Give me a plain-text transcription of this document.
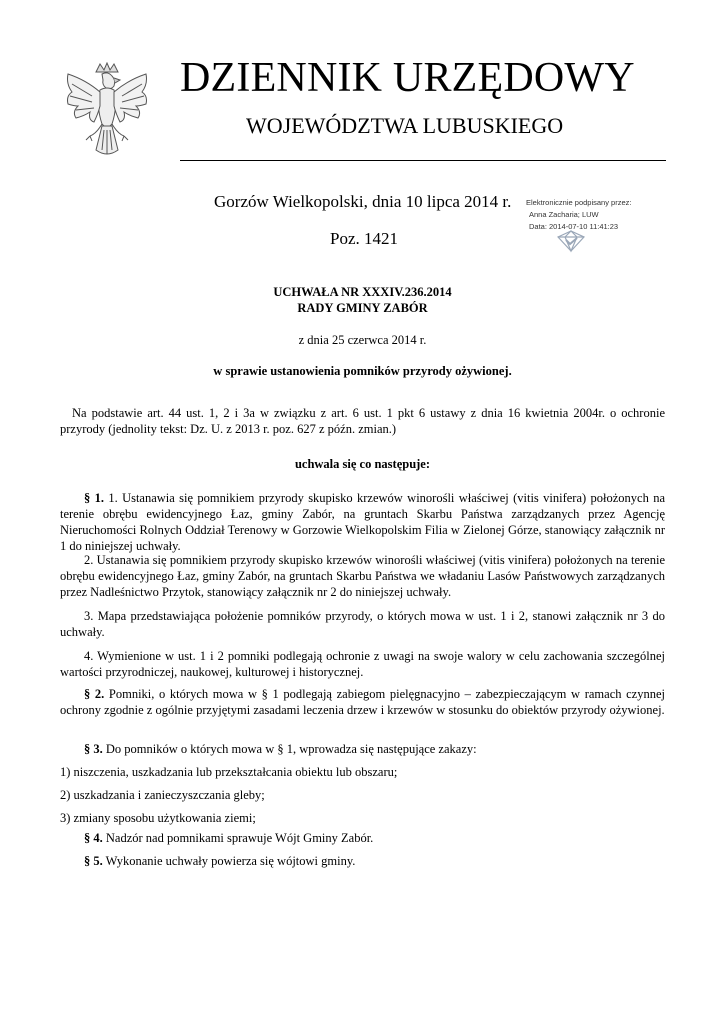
DZIENNIK URZĘDOWY
WOJEWÓDZTWA LUBUSKIEGO
Gorzów Wielkopolski, dnia 10 lipca 2014 r.
Poz. 1421
Elektronicznie podpisany przez:
Anna Zacharia; LUW
Data: 2014-07-10 11:41:23
UCHWAŁA NR XXXIV.236.2014
RADY GMINY ZABÓR
z dnia 25 czerwca 2014 r.
w sprawie ustanowienia pomników przyrody ożywionej.
Na podstawie art. 44 ust. 1, 2 i 3a w związku z art. 6 ust. 1 pkt 6 ustawy z dnia 16 kwietnia 2004r. o ochronie przyrody (jednolity tekst: Dz. U. z 2013 r. poz. 627 z późn. zmian.)
uchwala się co następuje:
§ 1. 1. Ustanawia się pomnikiem przyrody skupisko krzewów winorośli właściwej (vitis vinifera) położonych na terenie obrębu ewidencyjnego Łaz, gminy Zabór, na gruntach Skarbu Państwa zarządzanych przez Agencję Nieruchomości Rolnych Oddział Terenowy w Gorzowie Wielkopolskim Filia w Zielonej Górze, stanowiący załącznik nr 1 do niniejszej uchwały.
2. Ustanawia się pomnikiem przyrody skupisko krzewów winorośli właściwej (vitis vinifera) położonych na terenie obrębu ewidencyjnego Łaz, gminy Zabór, na gruntach Skarbu Państwa we władaniu Lasów Państwowych zarządzanych przez Nadleśnictwo Przytok, stanowiący załącznik nr 2 do niniejszej uchwały.
3. Mapa przedstawiająca położenie pomników przyrody, o których mowa w ust. 1 i 2, stanowi załącznik nr 3 do uchwały.
4. Wymienione w ust. 1 i 2 pomniki podlegają ochronie z uwagi na swoje walory w celu zachowania szczególnej wartości przyrodniczej, naukowej, kulturowej i historycznej.
§ 2. Pomniki, o których mowa w § 1 podlegają zabiegom pielęgnacyjno – zabezpieczającym w ramach czynnej ochrony zgodnie z ogólnie przyjętymi zasadami leczenia drzew i krzewów w stosunku do obiektów przyrody ożywionej.
§ 3. Do pomników o których mowa w § 1, wprowadza się następujące zakazy:
1) niszczenia, uszkadzania lub przekształcania obiektu lub obszaru;
2) uszkadzania i zanieczyszczania gleby;
3) zmiany sposobu użytkowania ziemi;
§ 4. Nadzór nad pomnikami sprawuje Wójt Gminy Zabór.
§ 5. Wykonanie uchwały powierza się wójtowi gminy.
